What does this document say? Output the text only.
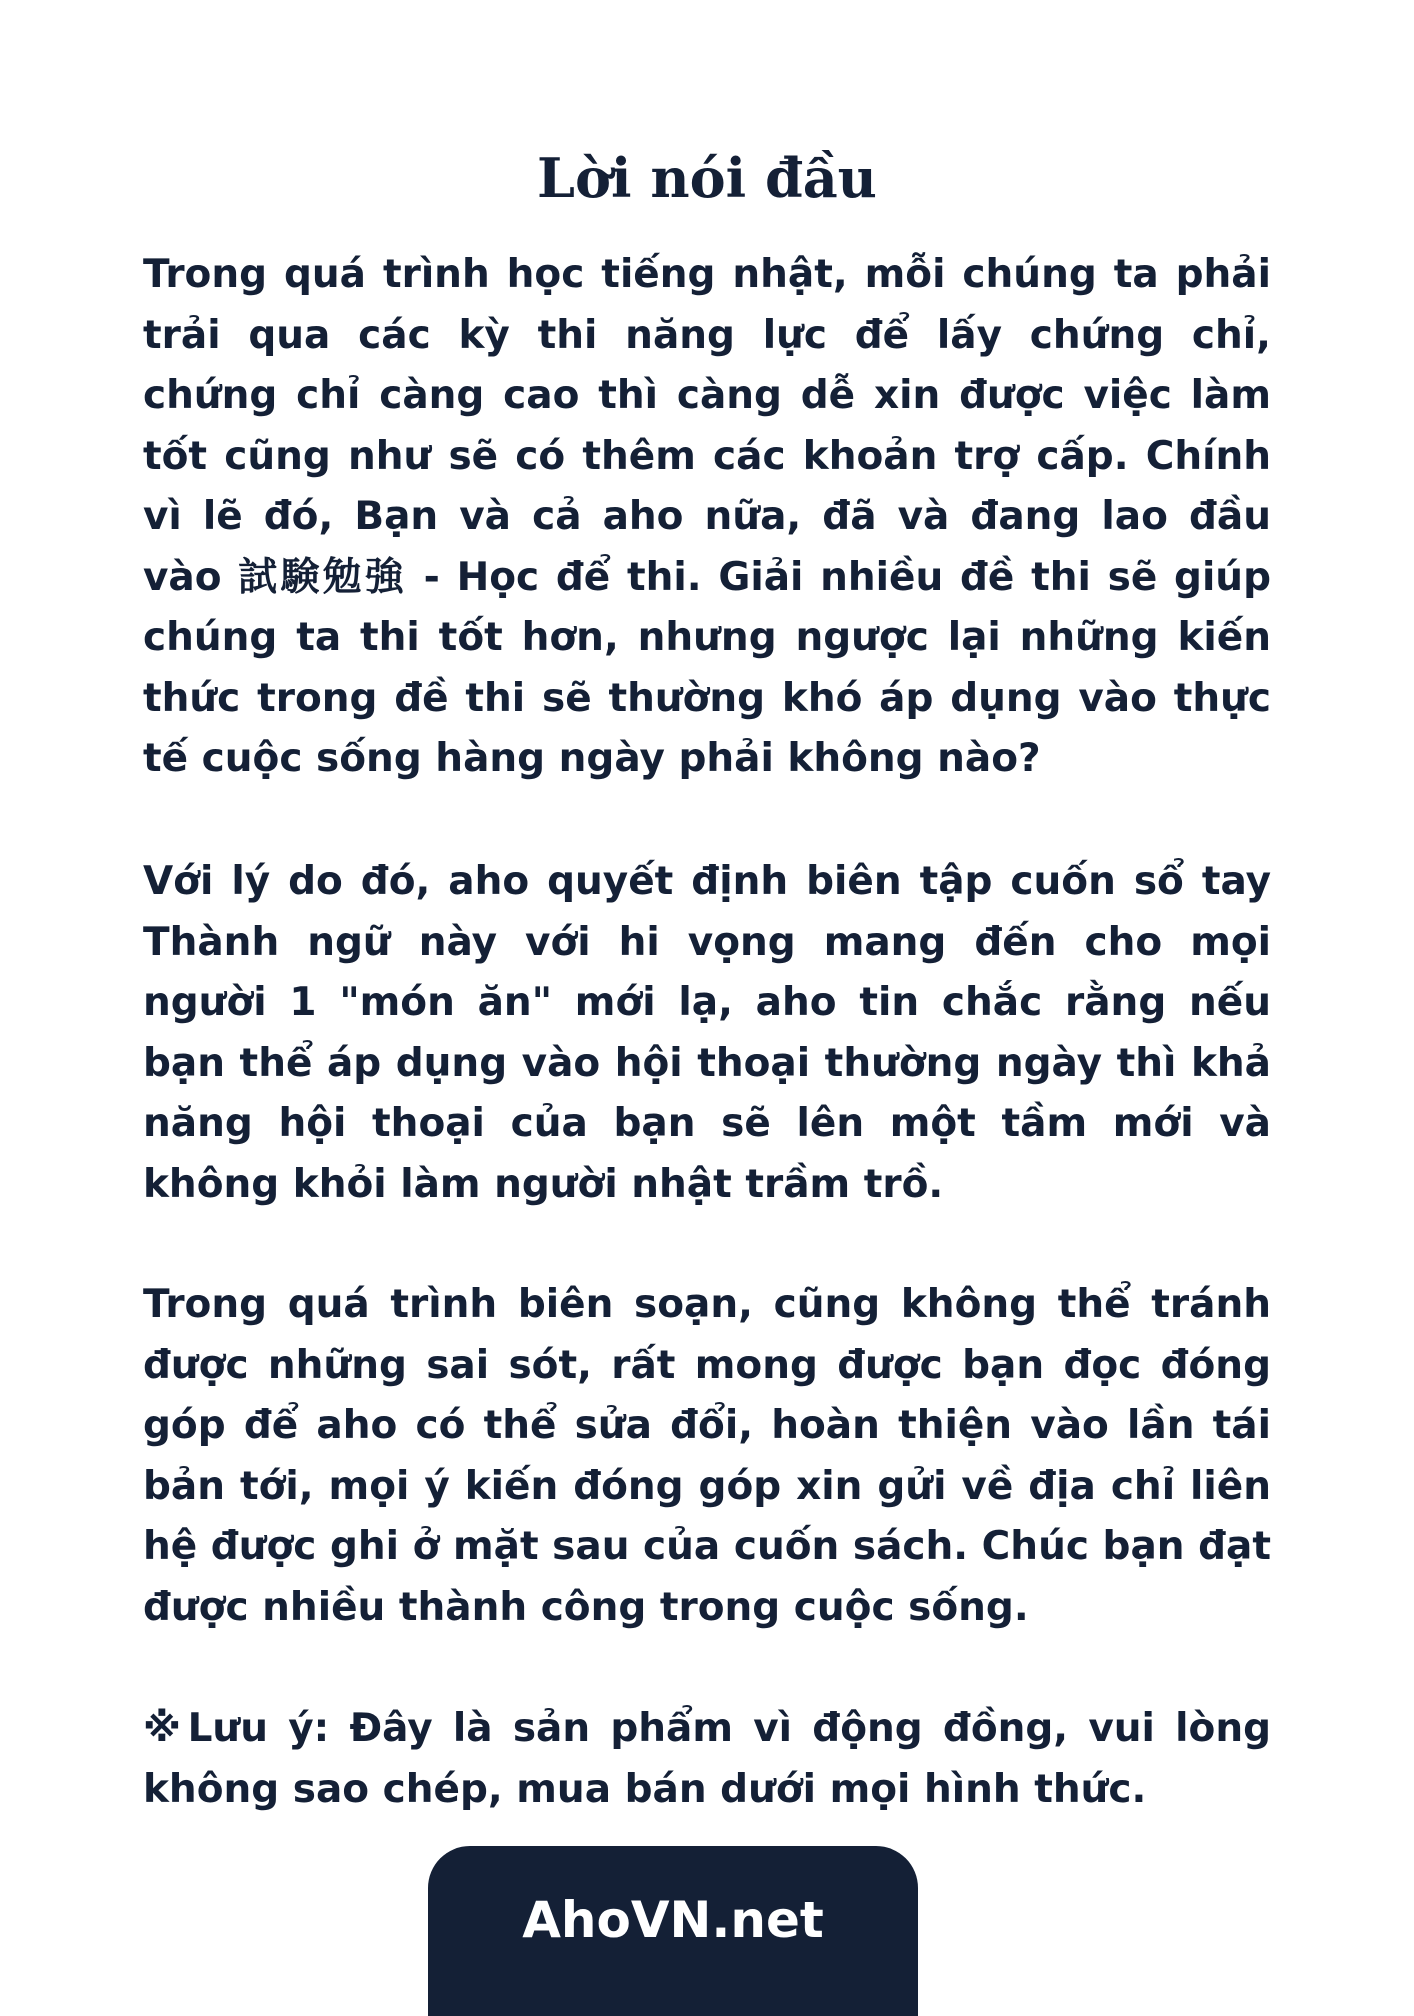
Lời nói đầu

Trong quá trình học tiếng nhật, mỗi chúng ta phải trải qua các kỳ thi năng lực để lấy chứng chỉ, chứng chỉ càng cao thì càng dễ xin được việc làm tốt cũng như sẽ có thêm các khoản trợ cấp. Chính vì lẽ đó, Bạn và cả aho nữa, đã và đang lao đầu vào 試験勉強 - Học để thi. Giải nhiều đề thi sẽ giúp chúng ta thi tốt hơn, nhưng ngược lại những kiến thức trong đề thi sẽ thường khó áp dụng vào thực tế cuộc sống hàng ngày phải không nào?

Với lý do đó, aho quyết định biên tập cuốn sổ tay Thành ngữ này với hi vọng mang đến cho mọi người 1 "món ăn" mới lạ, aho tin chắc rằng nếu bạn thể áp dụng vào hội thoại thường ngày thì khả năng hội thoại của bạn sẽ lên một tầm mới và không khỏi làm người nhật trầm trồ.

Trong quá trình biên soạn, cũng không thể tránh được những sai sót, rất mong được bạn đọc đóng góp để aho có thể sửa đổi, hoàn thiện vào lần tái bản tới, mọi ý kiến đóng góp xin gửi về địa chỉ liên hệ được ghi ở mặt sau của cuốn sách. Chúc bạn đạt được nhiều thành công trong cuộc sống.

※Lưu ý: Đây là sản phẩm vì động đồng, vui lòng không sao chép, mua bán dưới mọi hình thức.

AhoVN.net
